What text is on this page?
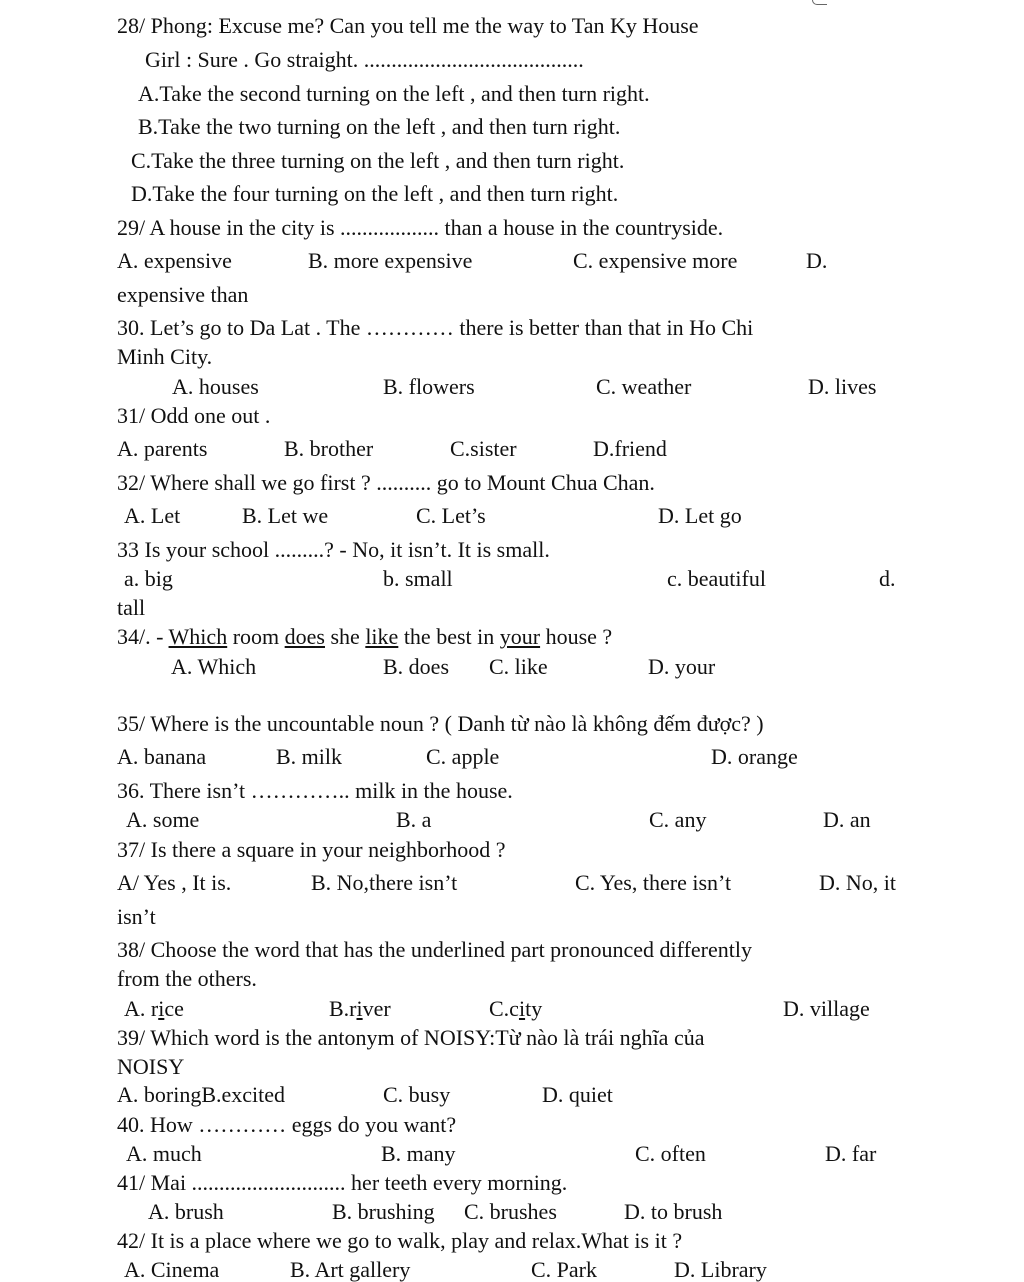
28/ Phong: Excuse me? Can you tell me the way to Tan Ky House
Girl : Sure . Go straight. ........................................
A.Take the second turning on the left , and then turn right.
B.Take the two turning on the left , and then turn right.
C.Take the three turning on the left , and then turn right.
D.Take the four turning on the left , and then turn right.
29/ A house in the city is .................. than a house in the countryside.
A. expensive	B. more expensive	C. expensive more	D.
expensive than
30. Let’s go to Da Lat . The ………… there is better than that in Ho Chi
Minh City.
A. houses	B. flowers	C. weather	D. lives
31/ Odd one out .
A. parents	B. brother	C.sister	D.friend
32/ Where shall we go first ? .......... go to Mount Chua Chan.
A. Let	B. Let we	C. Let’s	D. Let go
33 Is your school .........? - No, it isn’t. It is small.
a. big	b. small	c. beautiful	d.
tall
34/. - Which room does she like the best in your house ?
A. Which	B. does C. like	D. your
35/ Where is the uncountable noun ? ( Danh từ nào là không đếm được? )
A. banana	B. milk	C. apple	D. orange
36. There isn’t ………….. milk in the house.
A. some	B. a	C. any	D. an
37/ Is there a square in your neighborhood ?
A/ Yes , It is.	B. No,there isn’t	C. Yes, there isn’t	D. No, it
isn’t
38/ Choose the word that has the underlined part pronounced differently
from the others.
A. rice	B.river	C.city	D. village
39/ Which word is the antonym of NOISY:Từ nào là trái nghĩa của
NOISY
A. boringB.excited	C. busy	D. quiet
40. How ………… eggs do you want?
A. much	B. many	C. often	D. far
41/ Mai ............................ her teeth every morning.
A. brush	B. brushing C. brushes	D. to brush
42/ It is a place where we go to walk, play and relax.What is it ?
A. Cinema	B. Art gallery	C. Park	D. Library
